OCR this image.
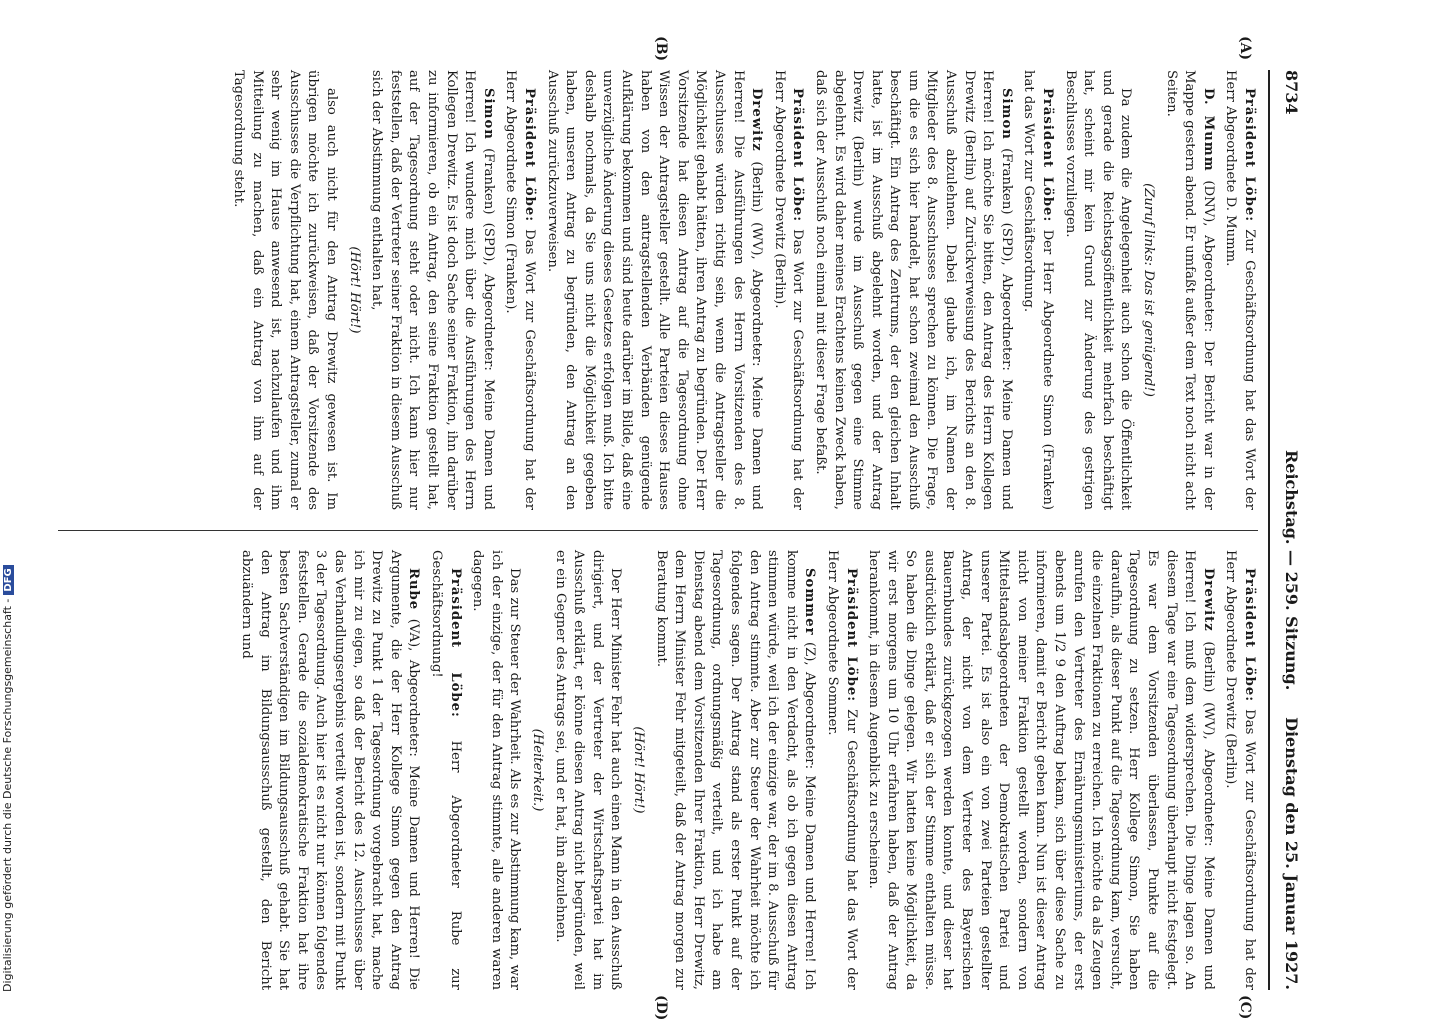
8734
Reichstag. — 259. Sitzung.
Dienstag den 25. Januar 1927.
(A)
(B)
(C)
(D)

Präsident Löbe: Zur Geschäftsordnung hat das Wort der Herr Abgeordnete D. Mumm.

D. Mumm (DNV), Abgeordneter: Der Bericht war in der Mappe gestern abend. Er umfaßt außer dem Text noch nicht acht Seiten.

(Zuruf links: Das ist genügend!)

Da zudem die Angelegenheit auch schon die Öffentlichkeit und gerade die Reichstagsöffentlichkeit mehrfach beschäftigt hat, scheint mir kein Grund zur Änderung des gestrigen Beschlusses vorzuliegen.

Präsident Löbe: Der Herr Abgeordnete Simon (Franken) hat das Wort zur Geschäftsordnung.

Simon (Franken) (SPD), Abgeordneter: Meine Damen und Herren! Ich möchte Sie bitten, den Antrag des Herrn Kollegen Drewitz (Berlin) auf Zurückverweisung des Berichts an den 8. Ausschuß abzulehnen. Dabei glaube ich, im Namen der Mitglieder des 8. Ausschusses sprechen zu können. Die Frage, um die es sich hier handelt, hat schon zweimal den Ausschuß beschäftigt. Ein Antrag des Zentrums, der den gleichen Inhalt hatte, ist im Ausschuß abgelehnt worden, und der Antrag Drewitz (Berlin) wurde im Ausschuß gegen eine Stimme abgelehnt. Es wird daher meines Erachtens keinen Zweck haben, daß sich der Ausschuß noch einmal mit dieser Frage befaßt.

Präsident Löbe: Das Wort zur Geschäftsordnung hat der Herr Abgeordnete Drewitz (Berlin).

Drewitz (Berlin) (WV), Abgeordneter: Meine Damen und Herren! Die Ausführungen des Herrn Vorsitzenden des 8. Ausschusses würden richtig sein, wenn die Antragsteller die Möglichkeit gehabt hätten, ihren Antrag zu begründen. Der Herr Vorsitzende hat diesen Antrag auf die Tagesordnung ohne Wissen der Antragsteller gestellt. Alle Parteien dieses Hauses haben von den antragstellenden Verbänden genügende Aufklärung bekommen und sind heute darüber im Bilde, daß eine unverzügliche Änderung dieses Gesetzes erfolgen muß. Ich bitte deshalb nochmals, da Sie uns nicht die Möglichkeit gegeben haben, unseren Antrag zu begründen, den Antrag an den Ausschuß zurückzuverweisen.

Präsident Löbe: Das Wort zur Geschäftsordnung hat der Herr Abgeordnete Simon (Franken).

Simon (Franken) (SPD), Abgeordneter: Meine Damen und Herren! Ich wundere mich über die Ausführungen des Herrn Kollegen Drewitz. Es ist doch Sache seiner Fraktion, ihn darüber zu informieren, ob ein Antrag, den seine Fraktion gestellt hat, auf der Tagesordnung steht oder nicht. Ich kann hier nur feststellen, daß der Vertreter seiner Fraktion in diesem Ausschuß sich der Abstimmung enthalten hat,

(Hört! Hört!)

also auch nicht für den Antrag Drewitz gewesen ist. Im übrigen möchte ich zurückweisen, daß der Vorsitzende des Ausschusses die Verpflichtung hat, einem Antragsteller, zumal er sehr wenig im Hause anwesend ist, nachzulaufen und ihm Mitteilung zu machen, daß ein Antrag von ihm auf der Tagesordnung steht.

Präsident Löbe: Das Wort zur Geschäftsordnung hat der Herr Abgeordnete Drewitz (Berlin).

Drewitz (Berlin) (WV), Abgeordneter: Meine Damen und Herren! Ich muß dem widersprechen. Die Dinge lagen so. An diesem Tage war eine Tagesordnung überhaupt nicht festgelegt. Es war dem Vorsitzenden überlassen, Punkte auf die Tagesordnung zu setzen. Herr Kollege Simon, Sie haben daraufhin, als dieser Punkt auf die Tagesordnung kam, versucht, die einzelnen Fraktionen zu erreichen. Ich möchte da als Zeugen anrufen den Vertreter des Ernährungsministeriums, der erst abends um 1/2 9 den Auftrag bekam, sich über diese Sache zu informieren, damit er Bericht geben kann. Nun ist dieser Antrag nicht von meiner Fraktion gestellt worden, sondern von Mittelstandsabgeordneten der Demokratischen Partei und unserer Partei. Es ist also ein von zwei Parteien gestellter Antrag, der nicht von dem Vertreter des Bayerischen Bauernbundes zurückgezogen werden konnte, und dieser hat ausdrücklich erklärt, daß er sich der Stimme enthalten müsse. So haben die Dinge gelegen. Wir hatten keine Möglichkeit, da wir erst morgens um 10 Uhr erfahren haben, daß der Antrag herankommt, in diesem Augenblick zu erscheinen.

Präsident Löbe: Zur Geschäftsordnung hat das Wort der Herr Abgeordnete Sommer.

Sommer (Z), Abgeordneter: Meine Damen und Herren! Ich komme nicht in den Verdacht, als ob ich gegen diesen Antrag stimmen würde, weil ich der einzige war, der im 8. Ausschuß für den Antrag stimmte. Aber zur Steuer der Wahrheit möchte ich folgendes sagen. Der Antrag stand als erster Punkt auf der Tagesordnung, ordnungsmäßig verteilt, und ich habe am Dienstag abend dem Vorsitzenden Ihrer Fraktion, Herr Drewitz, dem Herrn Minister Fehr mitgeteilt, daß der Antrag morgen zur Beratung kommt.

(Hört! Hört!)

Der Herr Minister Fehr hat auch einen Mann in den Ausschuß dirigiert, und der Vertreter der Wirtschaftspartei hat im Ausschuß erklärt, er könne diesen Antrag nicht begründen, weil er ein Gegner des Antrags sei, und er hat, ihn abzulehnen.

(Heiterkeit.)

Das zur Steuer der Wahrheit. Als es zur Abstimmung kam, war ich der einzige, der für den Antrag stimmte, alle anderen waren dagegen.

Präsident Löbe: Herr Abgeordneter Rube zur Geschäftsordnung!

Rube (VA), Abgeordneter: Meine Damen und Herren! Die Argumente, die der Herr Kollege Simon gegen den Antrag Drewitz zu Punkt 1 der Tagesordnung vorgebracht hat, mache ich mir zu eigen, so daß der Bericht des 12. Ausschusses über das Verhandlungsergebnis verteilt worden ist, sondern mit Punkt 3 der Tagesordnung. Auch hier ist es nicht nur können folgendes feststellen. Gerade die sozialdemokratische Fraktion hat ihre besten Sachverständigen im Bildungsausschuß gehabt. Sie hat den Antrag im Bildungsausschuß gestellt, den Bericht abzuändern und

Digitalisierung gefördert durch die Deutsche Forschungsgemeinschaft -DFG
